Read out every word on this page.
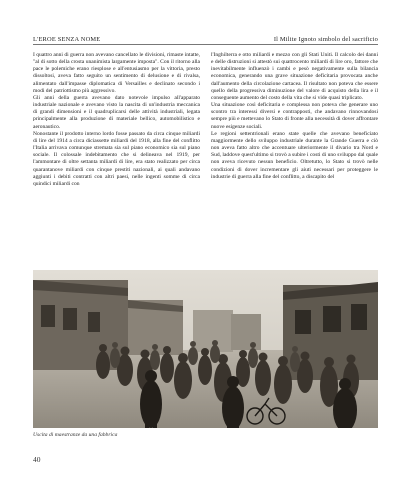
L'EROE SENZA NOME	Il Milite Ignoto simbolo del sacrificio

I quattro anni di guerra non avevano cancellato le divisioni, rimaste intatte, "al di sotto della crosta unanimista largamente imposta". Con il ritorno alla pace le polemiche erano riesplose e all'entusiasmo per la vittoria, presto dissoltosi, aveva fatto seguito un sentimento di delusione e di rivalsa, alimentato dall'impasse diplomatica di Versailles e declinato secondo i modi del patriottismo più aggressivo.

Gli anni della guerra avevano dato notevole impulso all'apparato industriale nazionale e avevano visto la nascita di un'industria meccanica di grandi dimensioni e il quadruplicarsi delle attività industriali, legata principalmente alla produzione di materiale bellico, automobilistico e aeronautico.

Nonostante il prodotto interno lordo fosse passato da circa cinque miliardi di lire del 1914 a circa diciassette miliardi del 1918, alla fine del conflitto l'Italia arrivava comunque stremata sia sul piano economico sia sul piano sociale. Il colossale indebitamento che si delineava nel 1919, per l'ammontare di oltre settanta miliardi di lire, era stato realizzato per circa quarantanove miliardi con cinque prestiti nazionali, ai quali andavano aggiunti i debiti contratti con altri paesi, nelle ingenti somme di circa quindici miliardi con

l'Inghilterra e otto miliardi e mezzo con gli Stati Uniti. Il calcolo dei danni e delle distruzioni si attestò sui quattrocento miliardi di lire oro, fattore che inevitabilmente influenzò i cambi e pesò negativamente sulla bilancia economica, generando una grave situazione deficitaria provocata anche dall'aumento della circolazione cartacea. Il risultato non poteva che essere quello della progressiva diminuzione del valore di acquisto della lira e il conseguente aumento del costo della vita che si vide quasi triplicato.

Una situazione così deficitaria e complessa non poteva che generare uno scontro tra interessi diversi e contrapposti, che andavano rinnovandosi sempre più e mettevano lo Stato di fronte alla necessità di dover affrontare nuove esigenze sociali.

Le regioni settentrionali erano state quelle che avevano beneficiato maggiormente dello sviluppo industriale durante la Grande Guerra e ciò non aveva fatto altro che accentuare ulteriormente il divario tra Nord e Sud, laddove quest'ultimo si trovò a subire i costi di uno sviluppo dal quale non aveva ricevuto nessun beneficio. Oltretutto, lo Stato si trovò nelle condizioni di dover incrementare gli aiuti necessari per proteggere le industrie di guerra alla fine del conflitto, a discapito del

Uscita di maestranze da una fabbrica
40
